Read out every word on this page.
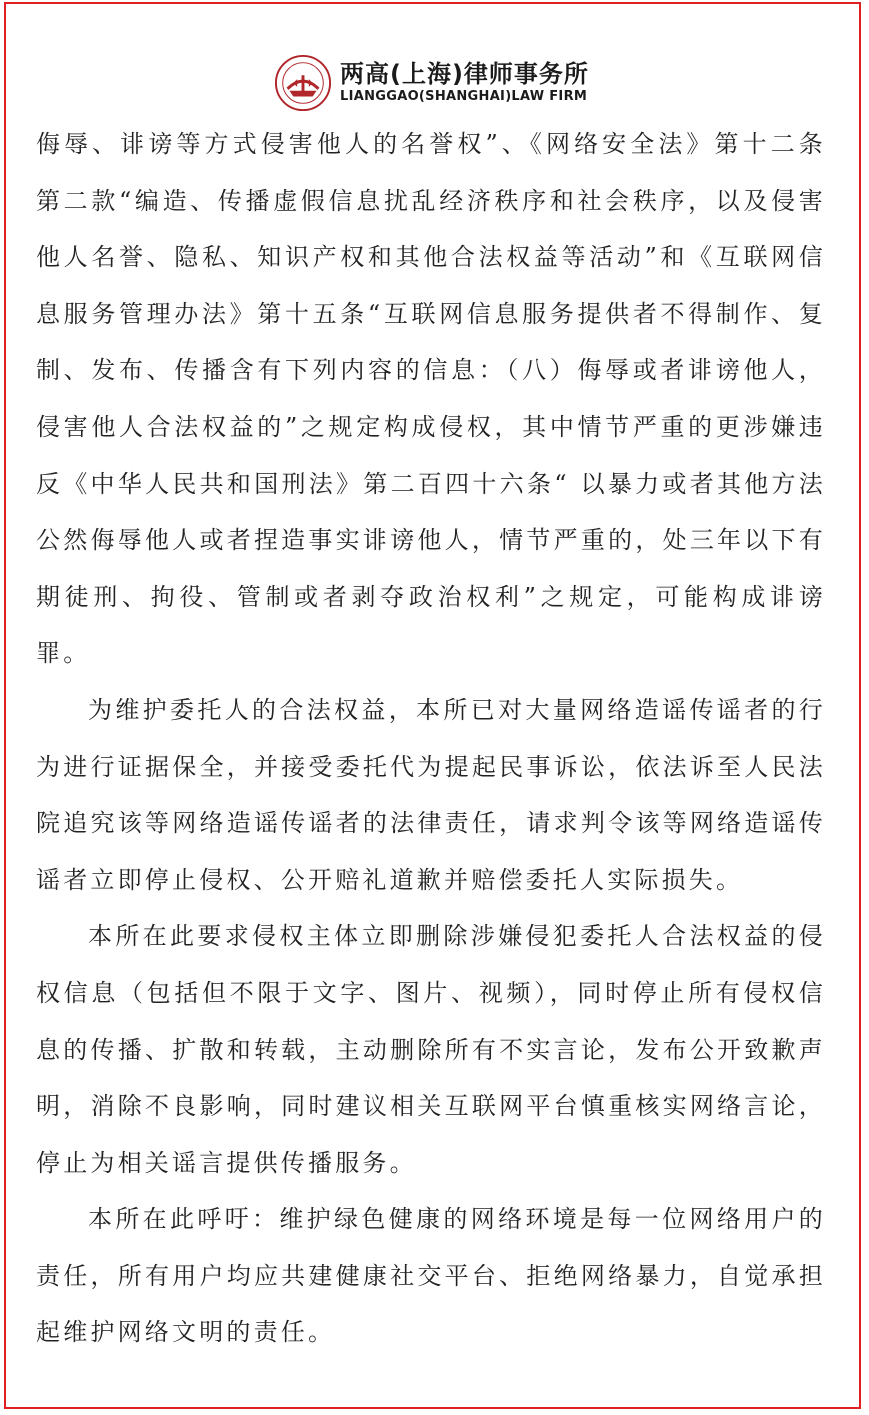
两高(上海)律师事务所
LIANGGAO(SHANGHAI)LAW FIRM

侮辱、诽谤等方式侵害他人的名誉权”、《网络安全法》第十二条第二款“编造、传播虚假信息扰乱经济秩序和社会秩序，以及侵害他人名誉、隐私、知识产权和其他合法权益等活动”和《互联网信息服务管理办法》第十五条“互联网信息服务提供者不得制作、复制、发布、传播含有下列内容的信息：（八）侮辱或者诽谤他人，侵害他人合法权益的”之规定构成侵权，其中情节严重的更涉嫌违反《中华人民共和国刑法》第二百四十六条“ 以暴力或者其他方法公然侮辱他人或者捏造事实诽谤他人，情节严重的，处三年以下有期徒刑、拘役、管制或者剥夺政治权利”之规定，可能构成诽谤罪。

为维护委托人的合法权益，本所已对大量网络造谣传谣者的行为进行证据保全，并接受委托代为提起民事诉讼，依法诉至人民法院追究该等网络造谣传谣者的法律责任，请求判令该等网络造谣传谣者立即停止侵权、公开赔礼道歉并赔偿委托人实际损失。

本所在此要求侵权主体立即删除涉嫌侵犯委托人合法权益的侵权信息（包括但不限于文字、图片、视频），同时停止所有侵权信息的传播、扩散和转载，主动删除所有不实言论，发布公开致歉声明，消除不良影响，同时建议相关互联网平台慎重核实网络言论，停止为相关谣言提供传播服务。

本所在此呼吁：维护绿色健康的网络环境是每一位网络用户的责任，所有用户均应共建健康社交平台、拒绝网络暴力，自觉承担起维护网络文明的责任。
